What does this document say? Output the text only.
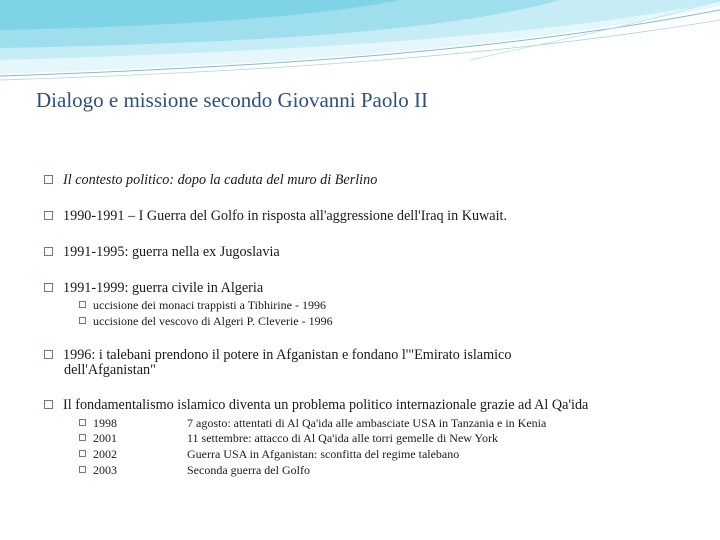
Dialogo e missione secondo Giovanni Paolo II
Il contesto politico: dopo la caduta del muro di Berlino
1990-1991 – I Guerra del Golfo in risposta all'aggressione dell'Iraq in Kuwait.
1991-1995: guerra nella ex Jugoslavia
1991-1999: guerra civile in Algeria
uccisione dei monaci trappisti a Tibhirine - 1996
uccisione del vescovo di Algeri P. Cleverie - 1996
1996: i talebani prendono il potere in Afganistan e fondano l'"Emirato islamico
dell'Afganistan"
Il fondamentalismo islamico diventa un problema politico internazionale grazie ad Al Qa'ida
1998	7 agosto: attentati di Al Qa'ida alle ambasciate USA in Tanzania e in Kenia
2001	11 settembre: attacco di Al Qa'ida alle torri gemelle di New York
2002	Guerra USA in Afganistan: sconfitta del regime talebano
2003	Seconda guerra del Golfo
